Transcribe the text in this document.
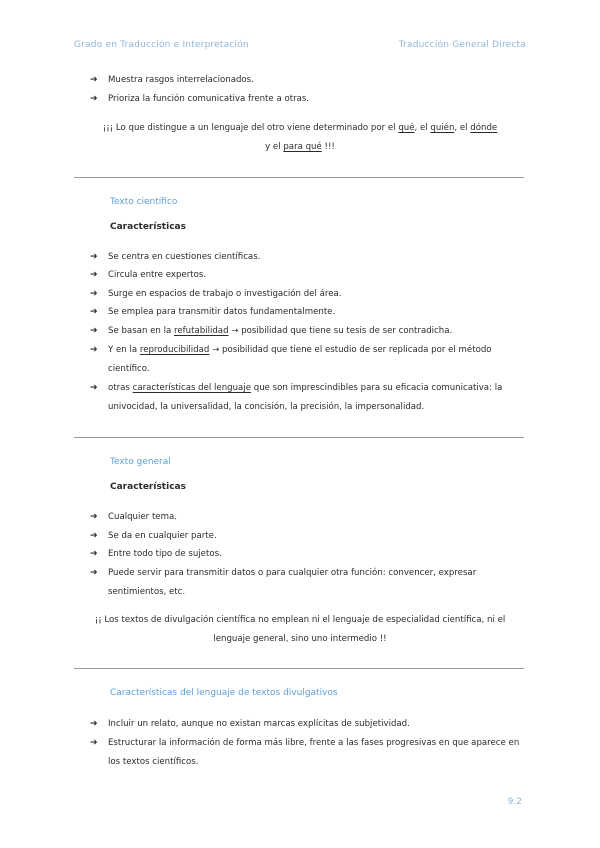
Grado en Traducción e Interpretación	Traducción General Directa
➔ Muestra rasgos interrelacionados.
➔ Prioriza la función comunicativa frente a otras.
¡¡¡ Lo que distingue a un lenguaje del otro viene determinado por el qué, el quién, el dónde
y el para qué !!!
Texto científico
Características
➔ Se centra en cuestiones científicas.
➔ Circula entre expertos.
➔ Surge en espacios de trabajo o investigación del área.
➔ Se emplea para transmitir datos fundamentalmente.
➔ Se basan en la refutabilidad → posibilidad que tiene su tesis de ser contradicha.
➔ Y en la reproducibilidad → posibilidad que tiene el estudio de ser replicada por el método científico.
➔ otras características del lenguaje que son imprescindibles para su eficacia comunicativa: la univocidad, la universalidad, la concisión, la precisión, la impersonalidad.
Texto general
Características
➔ Cualquier tema.
➔ Se da en cualquier parte.
➔ Entre todo tipo de sujetos.
➔ Puede servir para transmitir datos o para cualquier otra función: convencer, expresar sentimientos, etc.
¡¡ Los textos de divulgación científica no emplean ni el lenguaje de especialidad científica, ni el
lenguaje general, sino uno intermedio !!
Características del lenguaje de textos divulgativos
➔ Incluir un relato, aunque no existan marcas explícitas de subjetividad.
➔ Estructurar la información de forma más libre, frente a las fases progresivas en que aparece en los textos científicos.
9.2
